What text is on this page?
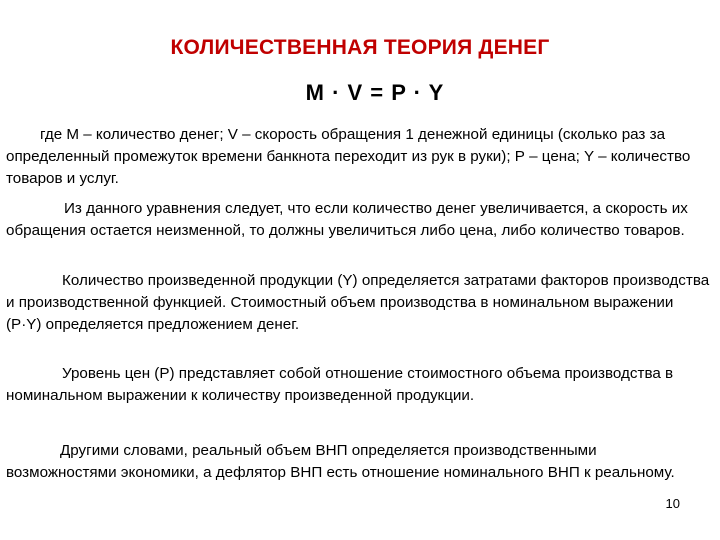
КОЛИЧЕСТВЕННАЯ ТЕОРИЯ ДЕНЕГ
M · V = P · Y

где М – количество денег; V – скорость обращения 1 денежной единицы (сколько раз за определенный промежуток времени банкнота переходит из рук в руки); Р – цена; Y – количество товаров и услуг.

Из данного уравнения следует, что если количество денег увеличивается, а скорость их обращения остается неизменной, то должны увеличиться либо цена, либо количество товаров.

Количество произведенной продукции (Y) определяется затратами факторов производства и производственной функцией. Стоимостный объем производства в номинальном выражении (Р·Y) определяется предложением денег.

Уровень цен (Р) представляет собой отношение стоимостного объема производства в номинальном выражении к количеству произведенной продукции.

Другими словами, реальный объем ВНП определяется производственными возможностями экономики, а дефлятор ВНП есть отношение номинального ВНП к реальному.

10
